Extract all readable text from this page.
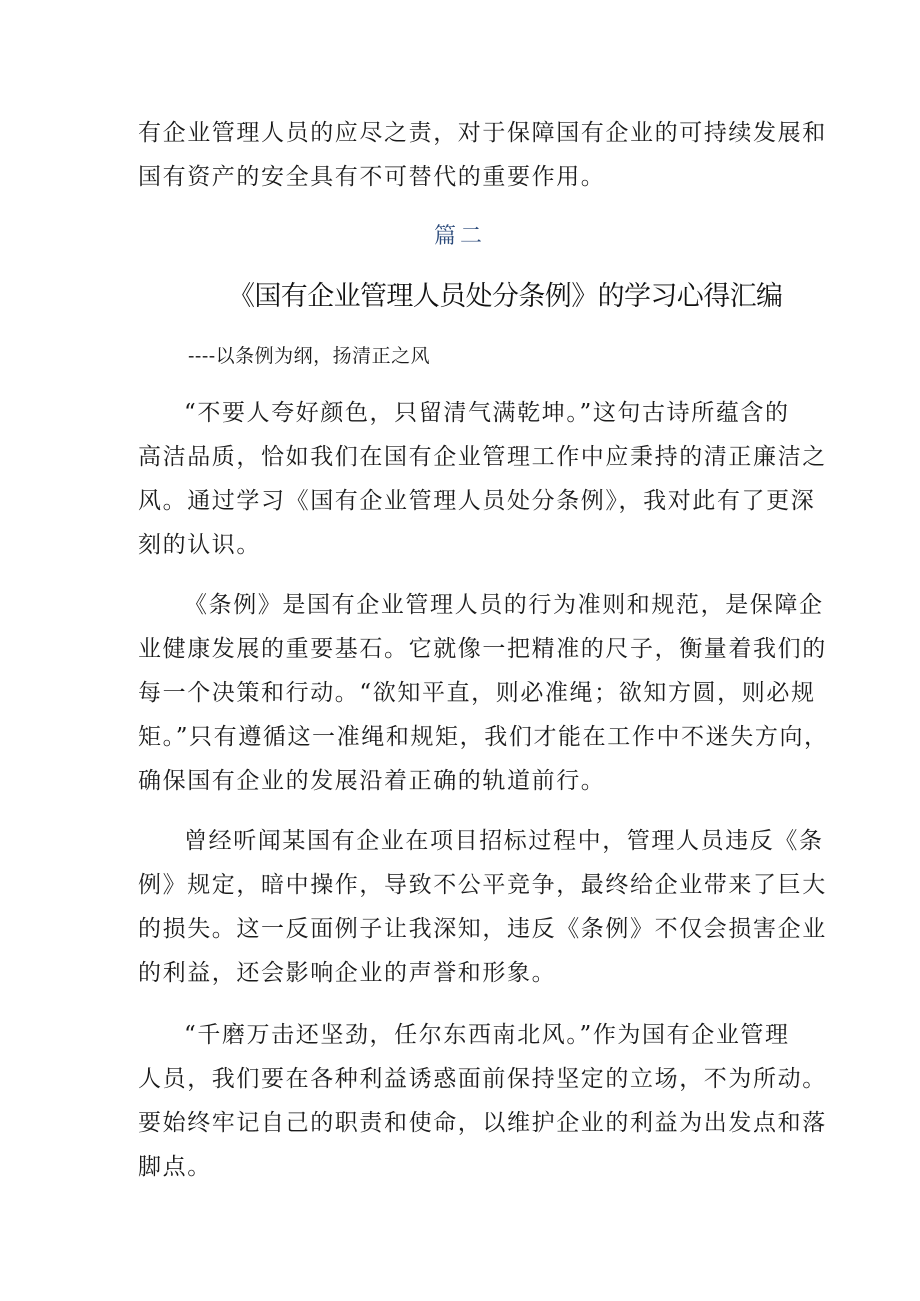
有企业管理人员的应尽之责，对于保障国有企业的可持续发展和
国有资产的安全具有不可替代的重要作用。
篇二
《国有企业管理人员处分条例》的学习心得汇编
----以条例为纲，扬清正之风
“不要人夸好颜色，只留清气满乾坤。”这句古诗所蕴含的
高洁品质，恰如我们在国有企业管理工作中应秉持的清正廉洁之
风。通过学习《国有企业管理人员处分条例》，我对此有了更深
刻的认识。
《条例》是国有企业管理人员的行为准则和规范，是保障企
业健康发展的重要基石。它就像一把精准的尺子，衡量着我们的
每一个决策和行动。“欲知平直，则必准绳；欲知方圆，则必规
矩。”只有遵循这一准绳和规矩，我们才能在工作中不迷失方向，
确保国有企业的发展沿着正确的轨道前行。
曾经听闻某国有企业在项目招标过程中，管理人员违反《条
例》规定，暗中操作，导致不公平竞争，最终给企业带来了巨大
的损失。这一反面例子让我深知，违反《条例》不仅会损害企业
的利益，还会影响企业的声誉和形象。
“千磨万击还坚劲，任尔东西南北风。”作为国有企业管理
人员，我们要在各种利益诱惑面前保持坚定的立场，不为所动。
要始终牢记自己的职责和使命，以维护企业的利益为出发点和落
脚点。
